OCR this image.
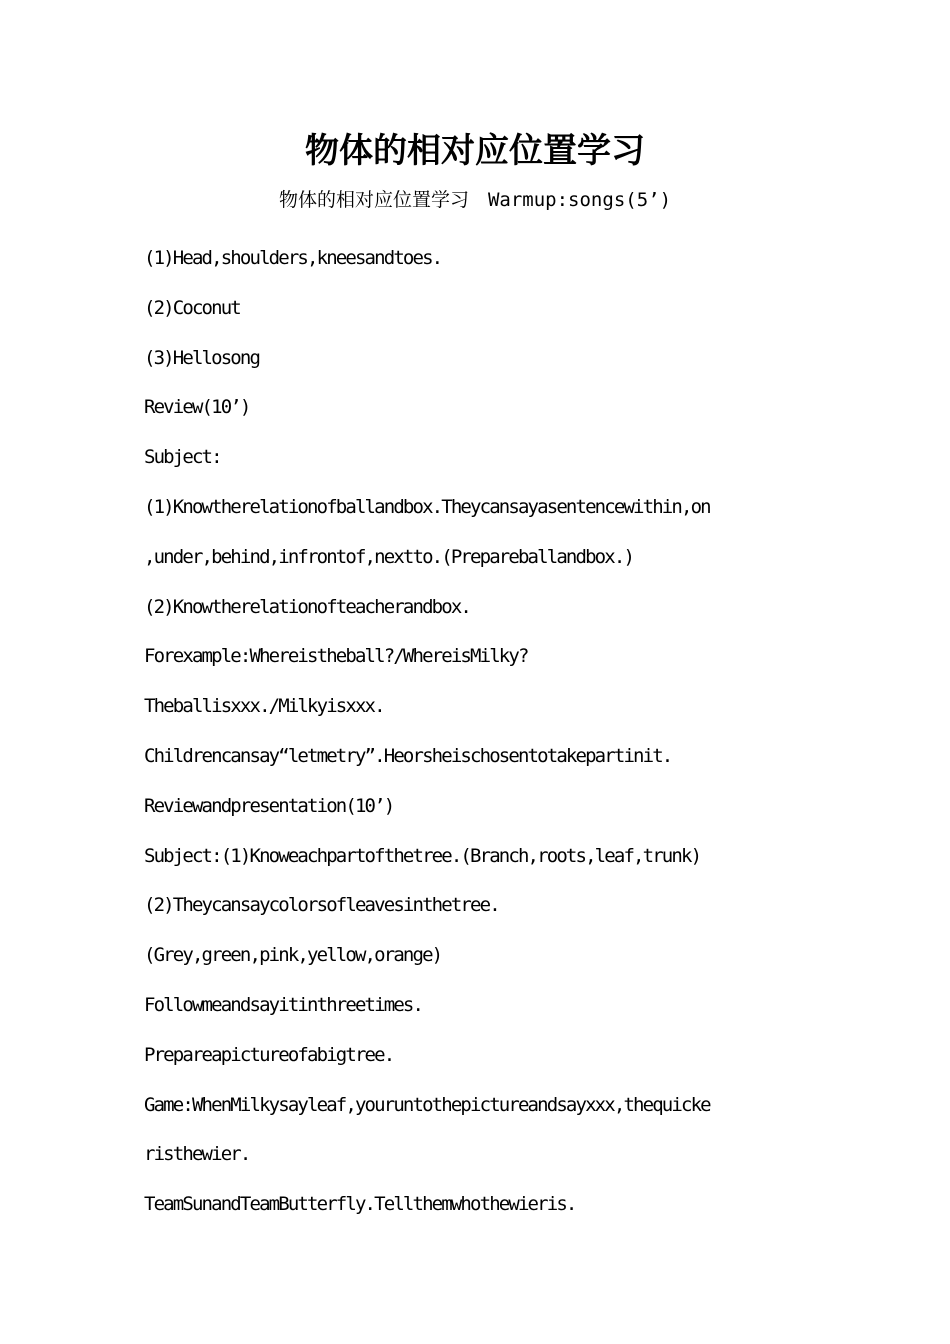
物体的相对应位置学习
物体的相对应位置学习　Warmup:songs(5’)
(1)Head,shoulders,kneesandtoes.
(2)Coconut
(3)Hellosong
Review(10’)
Subject:
(1)Knowtherelationofballandbox.Theycansayasentencewithin,on
,under,behind,infrontof,nextto.(Prepareballandbox.)
(2)Knowtherelationofteacherandbox.
Forexample:Whereistheball?/WhereisMilky?
Theballisxxx./Milkyisxxx.
Childrencansay“letmetry”.Heorsheischosentotakepartinit.
Reviewandpresentation(10’)
Subject:(1)Knoweachpartofthetree.(Branch,roots,leaf,trunk)
(2)Theycansaycolorsofleavesinthetree.
(Grey,green,pink,yellow,orange)
Followmeandsayitinthreetimes.
Prepareapictureofabigtree.
Game:WhenMilkysayleaf,youruntothepictureandsayxxx,thequicke
risthewier.
TeamSunandTeamButterfly.Tellthemwhothewieris.
